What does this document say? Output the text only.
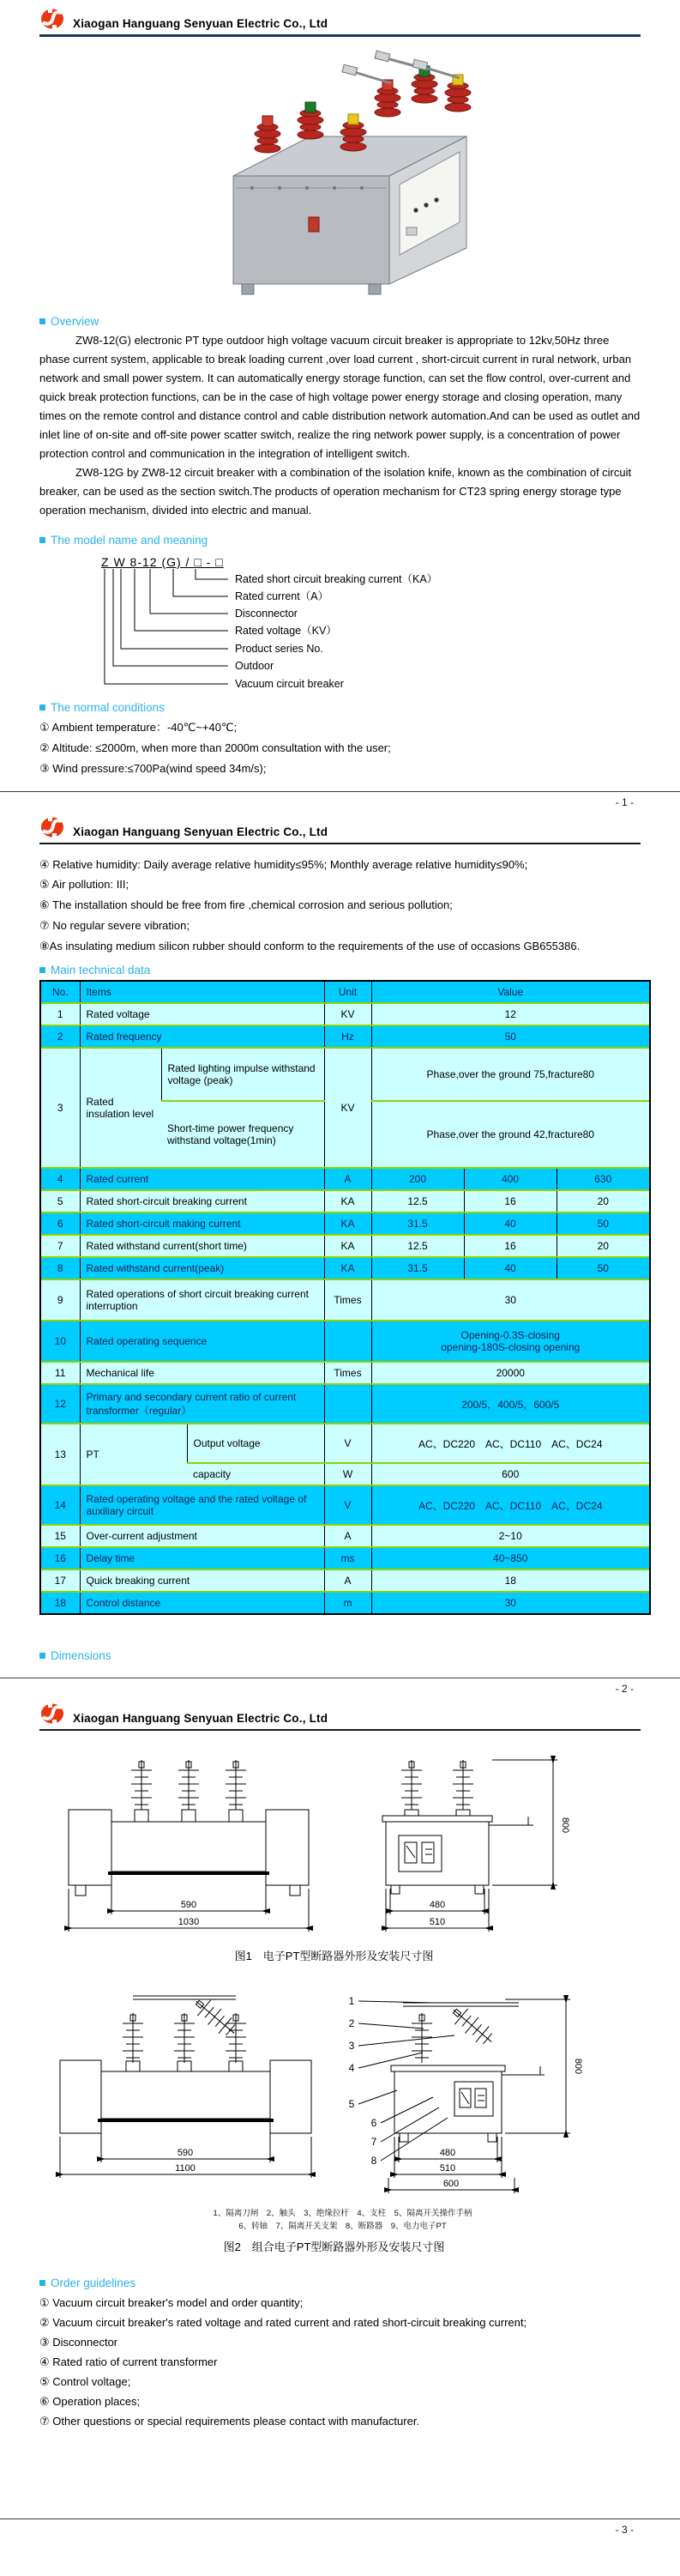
Xiaogan Hanguang Senyuan Electric Co., Ltd
Overview

ZW8-12(G) electronic PT type outdoor high voltage vacuum circuit breaker is appropriate to 12kv,50Hz three phase current system, applicable to break loading current ,over load current , short-circuit current in rural network, urban network and small power system. It can automatically energy storage function, can set the flow control, over-current and quick break protection functions, can be in the case of high voltage power energy storage and closing operation, many times on the remote control and distance control and cable distribution network automation.And can be used as outlet and inlet line of on-site and off-site power scatter switch, realize the ring network power supply, is a concentration of power protection control and communication in the integration of intelligent switch.

ZW8-12G by ZW8-12 circuit breaker with a combination of the isolation knife, known as the combination of circuit breaker, can be used as the section switch.The products of operation mechanism for CT23 spring energy storage type operation mechanism, divided into electric and manual.

The model name and meaning
Z W 8-12 (G) / □ - □
Rated short circuit breaking current（KA）
Rated current（A）
Disconnector
Rated voltage（KV）
Product series No.
Outdoor
Vacuum circuit breaker
The normal conditions
① Ambient temperature：-40℃~+40℃;
② Altitude: ≤2000m, when more than 2000m consultation with the user;
③ Wind pressure:≤700Pa(wind speed 34m/s);
- 1 -
Xiaogan Hanguang Senyuan Electric Co., Ltd
④ Relative humidity: Daily average relative humidity≤95%; Monthly average relative humidity≤90%;
⑤ Air pollution: III;
⑥ The installation should be free from fire ,chemical corrosion and serious pollution;
⑦ No regular severe vibration;
⑧As insulating medium silicon rubber should conform to the requirements of the use of occasions GB655386.
Main technical data
No.	Items			Unit	Value		
1	Rated voltage			KV	12		
2	Rated frequency			Hz	50		
3	Rated insulation level	Rated lighting impulse withstand voltage (peak)		KV	Phase,over the ground 75,fracture80		
		Short-time power frequency withstand voltage(1min)			Phase,over the ground 42,fracture80		
4	Rated current			A	200	400	630
5	Rated short-circuit breaking current			KA	12.5	16	20
6	Rated short-circuit making current			KA	31.5	40	50
7	Rated withstand current(short time)			KA	12.5	16	20
8	Rated withstand current(peak)			KA	31.5	40	50
9	Rated operations of short circuit breaking current interruption			Times	30		
10	Rated operating sequence				Opening-0.3S-closing
opening-180S-closing opening		

11	Mechanical life			Times	20000		
12	Primary and secondary current ratio of current transformer（regular）				200/5，400/5，600/5		
13	PT		Output voltage	V	AC、DC220　AC、DC110　AC、DC24		
			capacity	W	600		
14	Rated operating voltage and the rated voltage of auxiliary circuit			V	AC、DC220　AC、DC110　AC、DC24		
15	Over-current adjustment			A	2~10		
16	Delay time			ms	40~850		
17	Quick breaking current			A	18		
18	Control distance			m	30		
Dimensions
- 2 -
Xiaogan Hanguang Senyuan Electric Co., Ltd
590
1030
480
510
800
图1　电子PT型断路器外形及安装尺寸图
1
2
3
4
5
6
7
8
590
1100
480
510
600
800
1、隔离刀闸　2、触头　3、绝缘拉杆　4、支柱　5、隔离开关操作手柄
6、转轴　7、隔离开关支架　8、断路器　9、电力电子PT
图2　组合电子PT型断路器外形及安装尺寸图
Order guidelines
① Vacuum circuit breaker's model and order quantity;
② Vacuum circuit breaker's rated voltage and rated current and rated short-circuit breaking current;
③ Disconnector
④ Rated ratio of current transformer
⑤ Control voltage;
⑥ Operation places;
⑦ Other questions or special requirements please contact with manufacturer.
- 3 -
